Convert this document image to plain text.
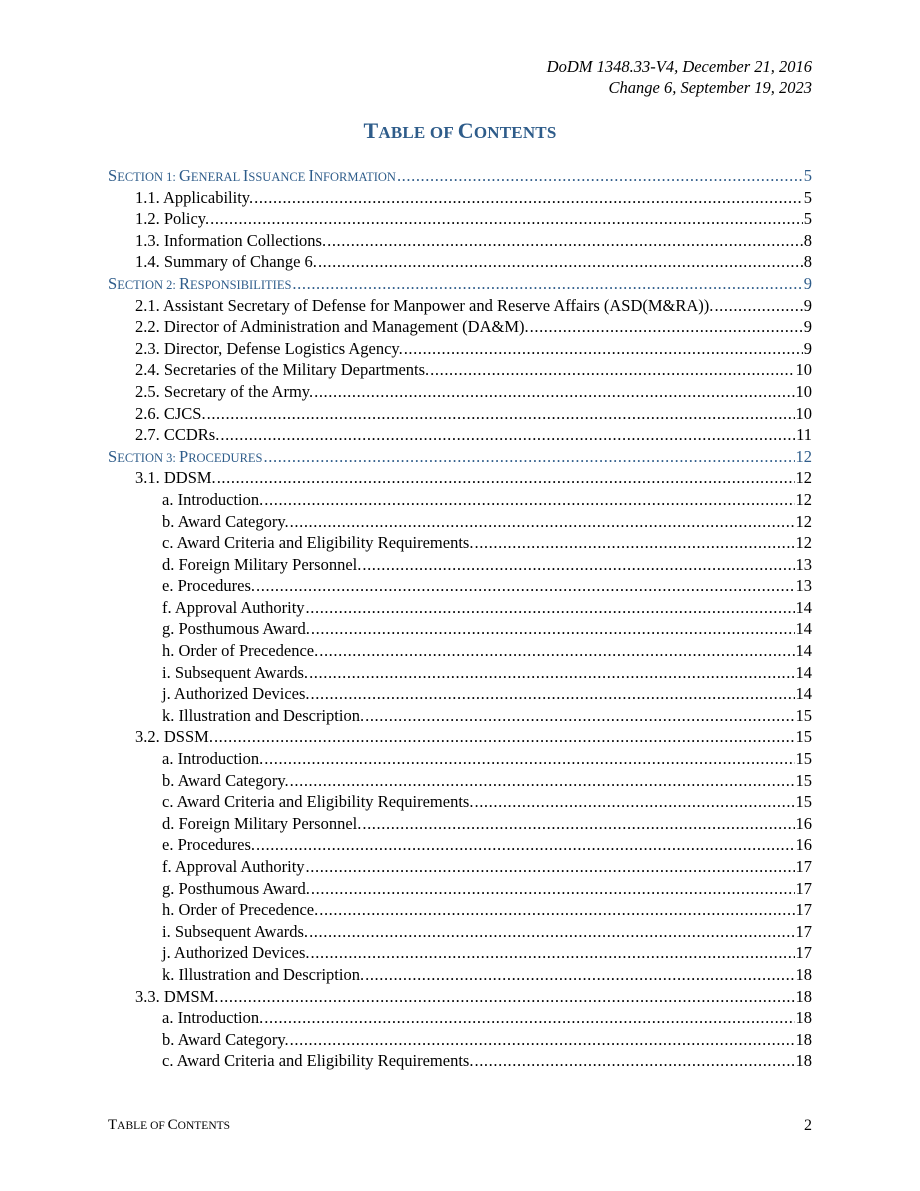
DoDM 1348.33-V4, December 21, 2016
Change 6, September 19, 2023
TABLE OF CONTENTS
SECTION 1: GENERAL ISSUANCE INFORMATION .....	5
1.1. Applicability. .....	5
1.2. Policy. .....	5
1.3. Information Collections. .....	8
1.4. Summary of Change 6. .....	8
SECTION 2: RESPONSIBILITIES .....	9
2.1. Assistant Secretary of Defense for Manpower and Reserve Affairs (ASD(M&RA)). .....	9
2.2. Director of Administration and Management (DA&M). .....	9
2.3. Director, Defense Logistics Agency. .....	9
2.4. Secretaries of the Military Departments. .....	10
2.5. Secretary of the Army. .....	10
2.6. CJCS. .....	10
2.7. CCDRs. .....	11
SECTION 3: PROCEDURES .....	12
3.1. DDSM. .....	12
a. Introduction. .....	12
b. Award Category. .....	12
c. Award Criteria and Eligibility Requirements. .....	12
d. Foreign Military Personnel. .....	13
e. Procedures. .....	13
f. Approval Authority .....	14
g. Posthumous Award. .....	14
h. Order of Precedence. .....	14
i. Subsequent Awards. .....	14
j. Authorized Devices. .....	14
k. Illustration and Description. .....	15
3.2. DSSM. .....	15
a. Introduction. .....	15
b. Award Category. .....	15
c. Award Criteria and Eligibility Requirements. .....	15
d. Foreign Military Personnel. .....	16
e. Procedures. .....	16
f. Approval Authority .....	17
g. Posthumous Award. .....	17
h. Order of Precedence. .....	17
i. Subsequent Awards. .....	17
j. Authorized Devices. .....	17
k. Illustration and Description. .....	18
3.3. DMSM. .....	18
a. Introduction. .....	18
b. Award Category. .....	18
c. Award Criteria and Eligibility Requirements. .....	18
TABLE OF CONTENTS	2
